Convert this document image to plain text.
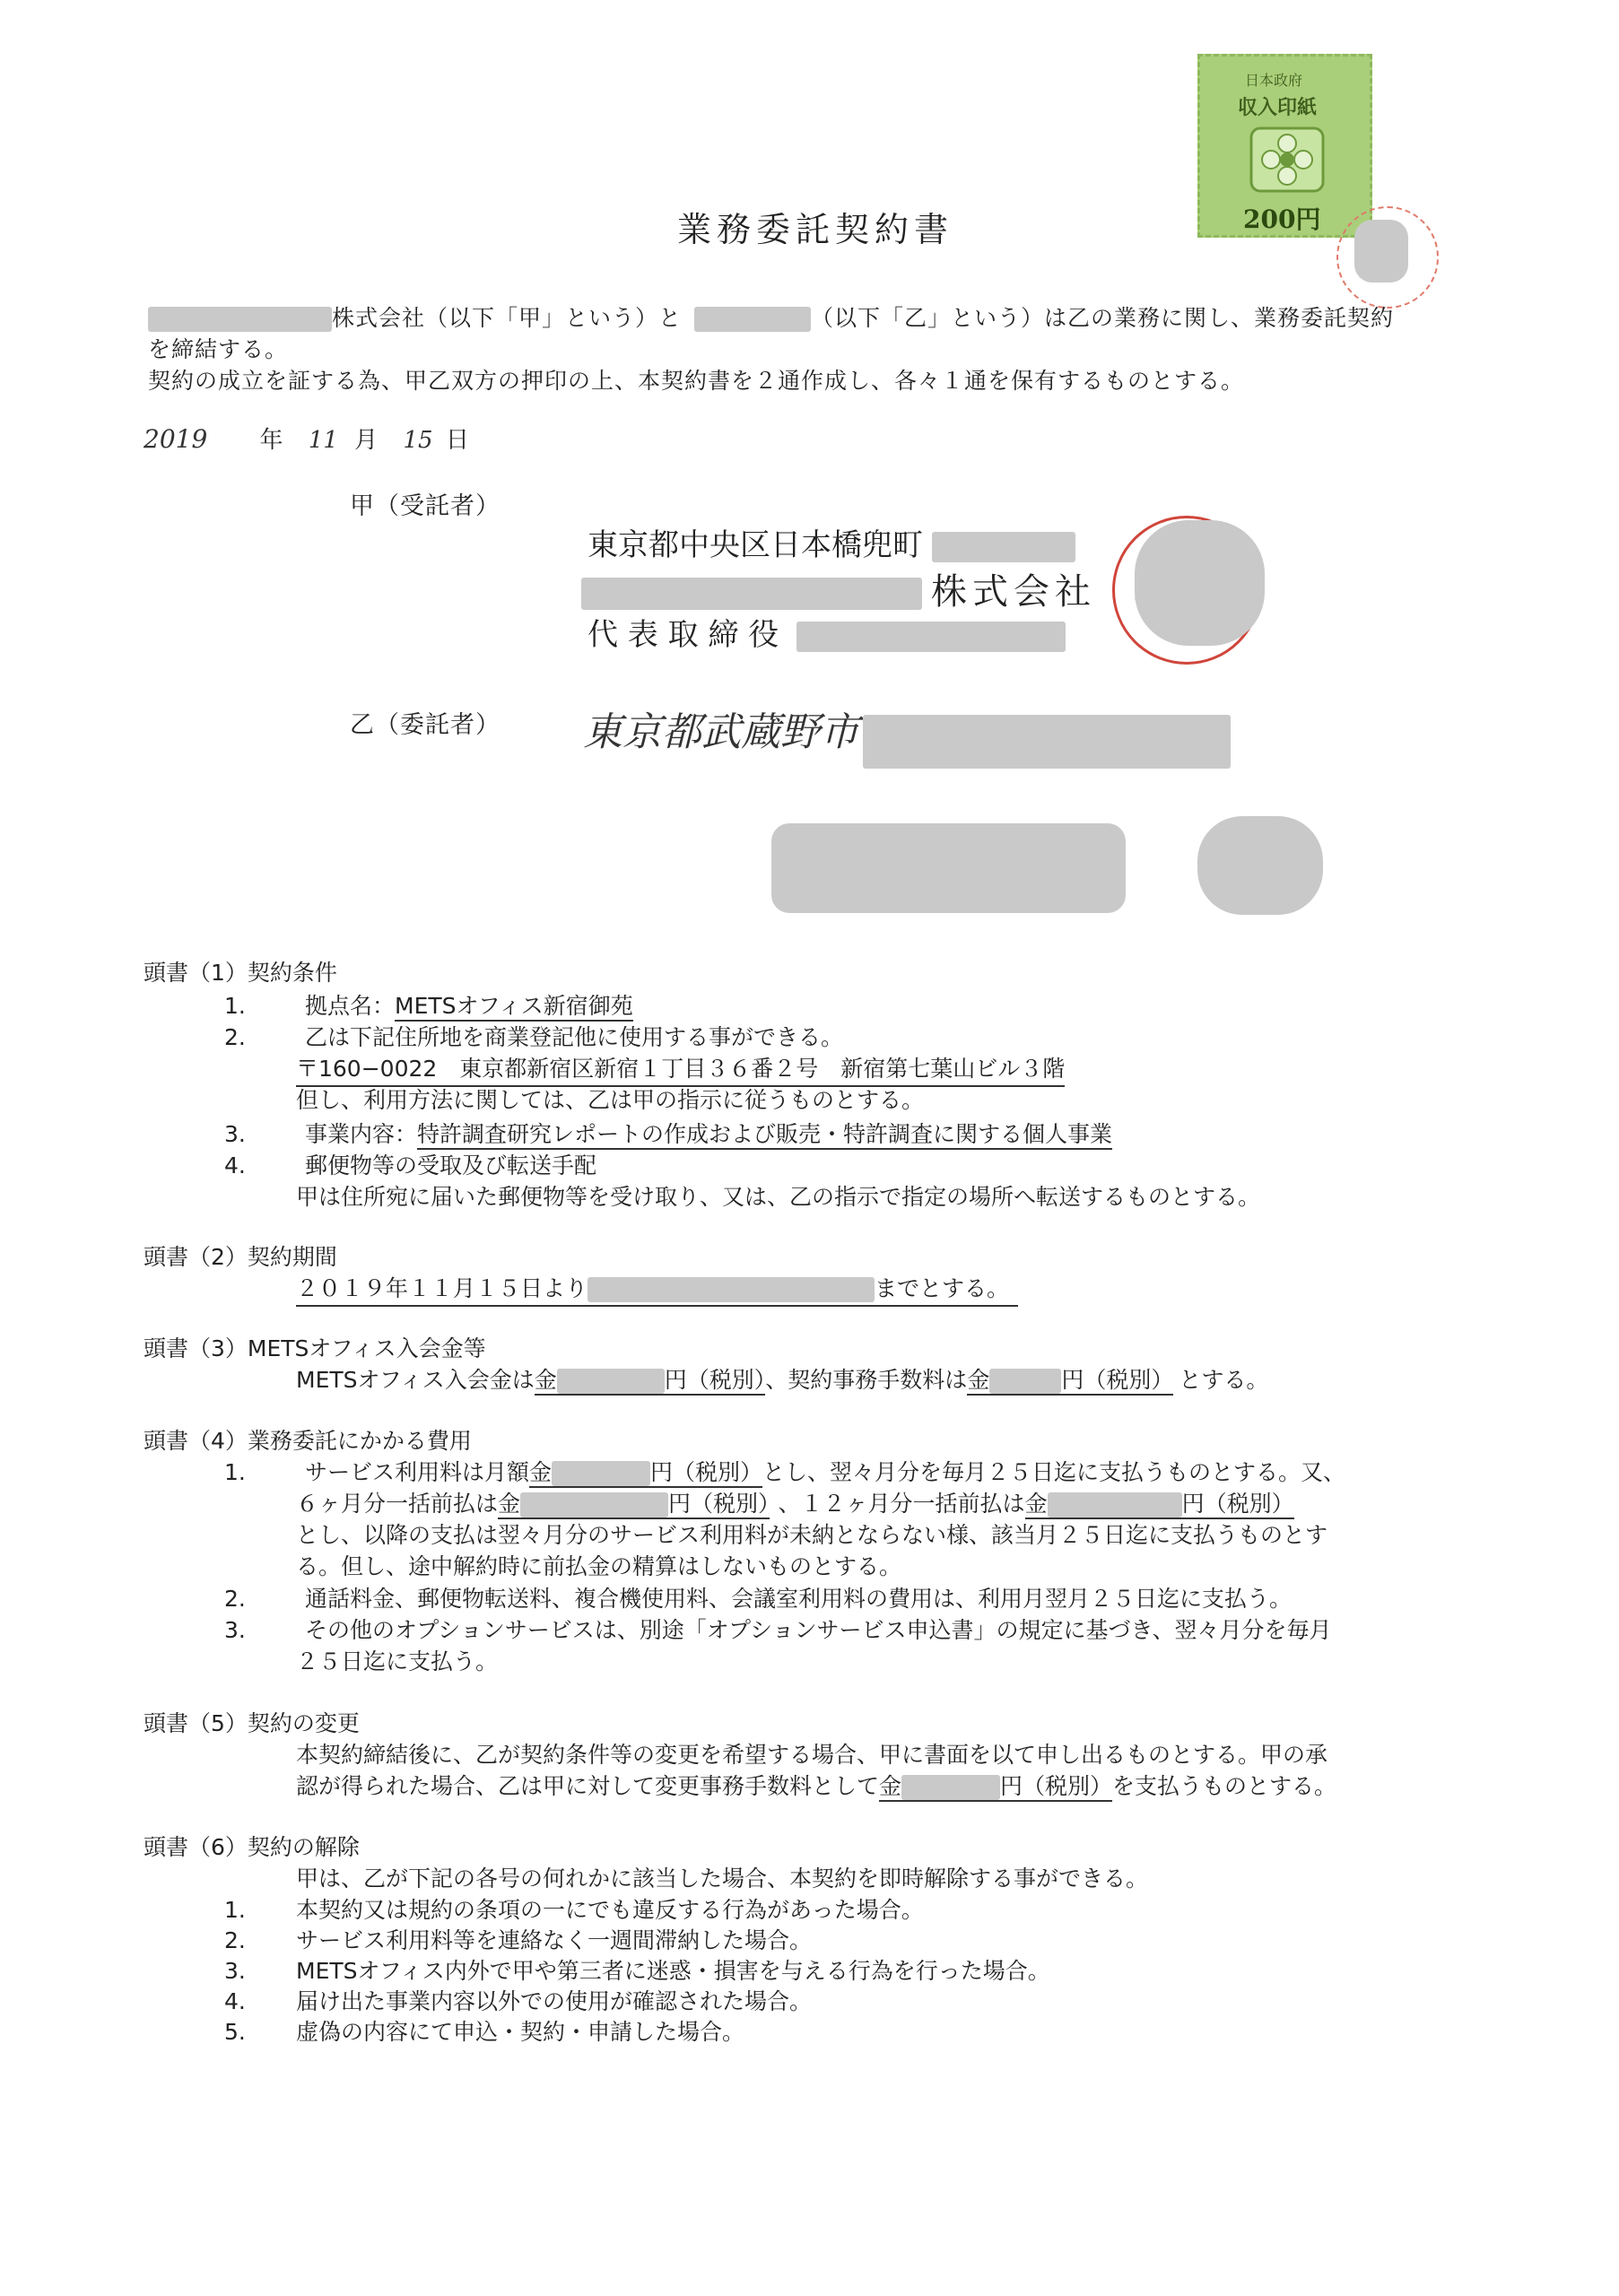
日本政府
収入印紙
200円
業務委託契約書
株式会社（以下「甲」という）と	（以下「乙」という）は乙の業務に関し、業務委託契約
を締結する。
契約の成立を証する為、甲乙双方の押印の上、本契約書を２通作成し、各々１通を保有するものとする。
2019 年 11 月 15 日
甲（受託者）
東京都中央区日本橋兜町
株式会社
代 表 取 締 役
乙（委託者） 東京都武蔵野市
頭書（1）契約条件
1.	拠点名：METSオフィス新宿御苑
2.	乙は下記住所地を商業登記他に使用する事ができる。
〒160−0022　東京都新宿区新宿１丁目３６番２号　新宿第七葉山ビル３階
但し、利用方法に関しては、乙は甲の指示に従うものとする。
3.	事業内容：特許調査研究レポートの作成および販売・特許調査に関する個人事業
4.	郵便物等の受取及び転送手配
甲は住所宛に届いた郵便物等を受け取り、又は、乙の指示で指定の場所へ転送するものとする。
頭書（2）契約期間
２０１９年１１月１５日より	までとする。
頭書（3）METSオフィス入会金等
METSオフィス入会金は金	円（税別）、契約事務手数料は金	円（税別） とする。
頭書（4）業務委託にかかる費用
1.	サービス利用料は月額金	円（税別）とし、翌々月分を毎月２５日迄に支払うものとする。又、
６ヶ月分一括前払は金	円（税別） 、１２ヶ月分一括前払は金	円（税別）
とし、以降の支払は翌々月分のサービス利用料が未納とならない様、該当月２５日迄に支払うものとす
る。但し、途中解約時に前払金の精算はしないものとする。
2.	通話料金、郵便物転送料、複合機使用料、会議室利用料の費用は、利用月翌月２５日迄に支払う。
3.	その他のオプションサービスは、別途「オプションサービス申込書」の規定に基づき、翌々月分を毎月
２５日迄に支払う。
頭書（5）契約の変更
本契約締結後に、乙が契約条件等の変更を希望する場合、甲に書面を以て申し出るものとする。甲の承
認が得られた場合、乙は甲に対して変更事務手数料として金	円（税別）を支払うものとする。
頭書（6）契約の解除
甲は、乙が下記の各号の何れかに該当した場合、本契約を即時解除する事ができる。
1. 本契約又は規約の条項の一にでも違反する行為があった場合。
2. サービス利用料等を連絡なく一週間滞納した場合。
3. METSオフィス内外で甲や第三者に迷惑・損害を与える行為を行った場合。
4. 届け出た事業内容以外での使用が確認された場合。
5. 虚偽の内容にて申込・契約・申請した場合。
